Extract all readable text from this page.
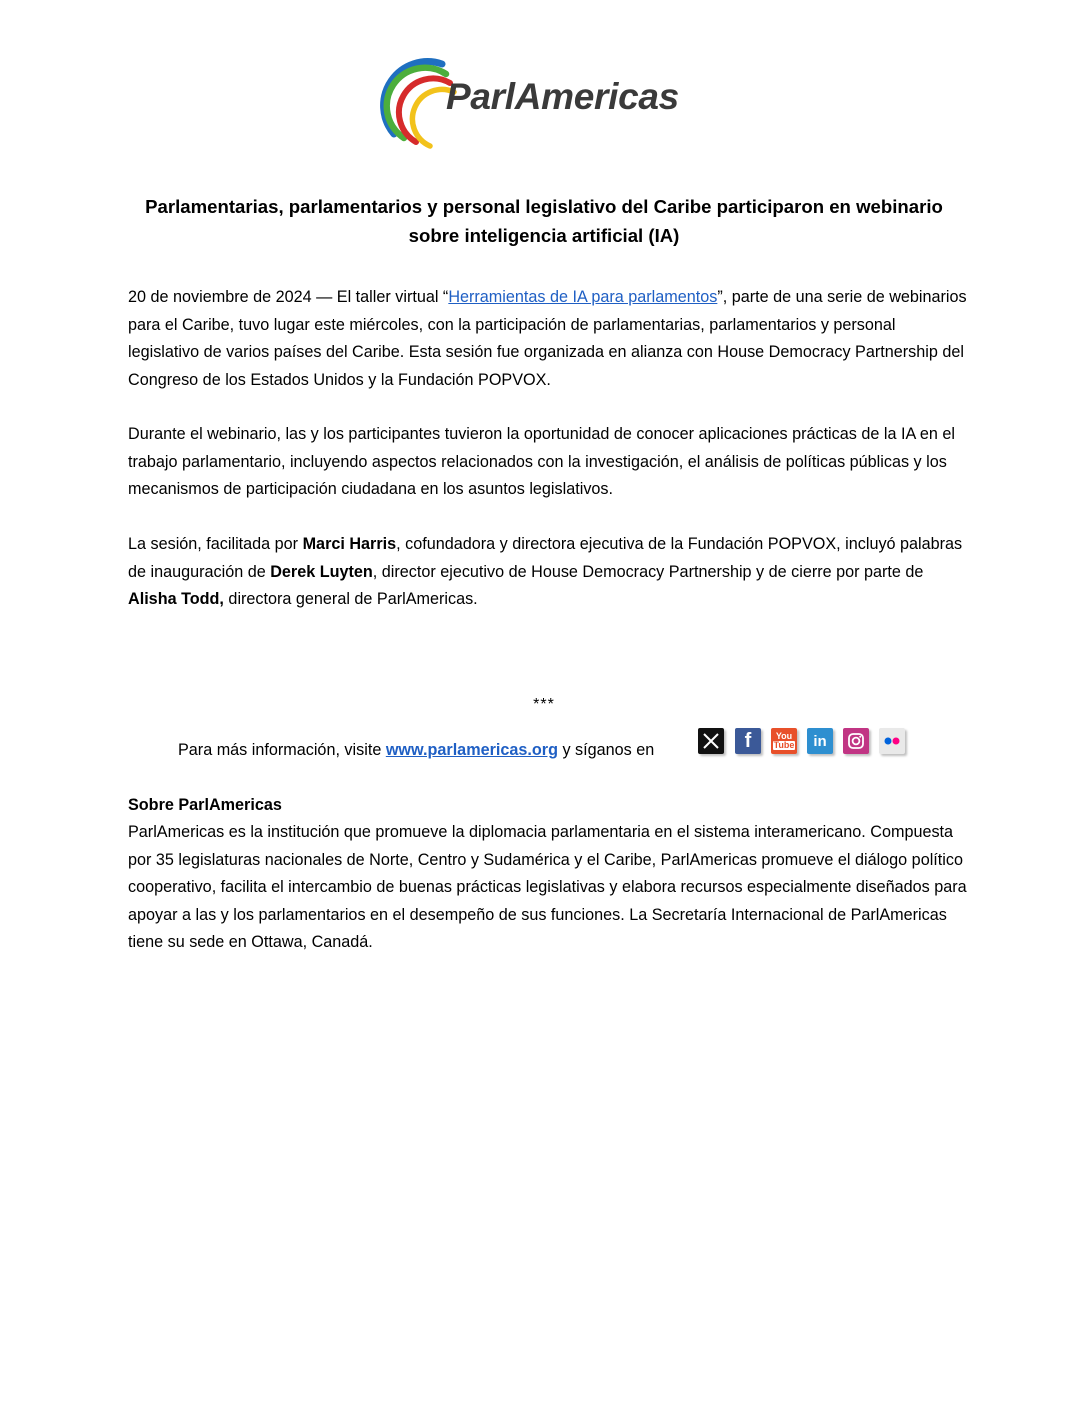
ParlAmericas
Parlamentarias, parlamentarios y personal legislativo del Caribe participaron en webinario sobre inteligencia artificial (IA)
20 de noviembre de 2024 — El taller virtual “Herramientas de IA para parlamentos”, parte de una serie de webinarios para el Caribe, tuvo lugar este miércoles, con la participación de parlamentarias, parlamentarios y personal legislativo de varios países del Caribe. Esta sesión fue organizada en alianza con House Democracy Partnership del Congreso de los Estados Unidos y la Fundación POPVOX.
Durante el webinario, las y los participantes tuvieron la oportunidad de conocer aplicaciones prácticas de la IA en el trabajo parlamentario, incluyendo aspectos relacionados con la investigación, el análisis de políticas públicas y los mecanismos de participación ciudadana en los asuntos legislativos.
La sesión, facilitada por Marci Harris, cofundadora y directora ejecutiva de la Fundación POPVOX, incluyó palabras de inauguración de Derek Luyten, director ejecutivo de House Democracy Partnership y de cierre por parte de Alisha Todd, directora general de ParlAmericas.
***
Para más información, visite www.parlamericas.org y síganos en	f	You
Tube	in
Sobre ParlAmericas
ParlAmericas es la institución que promueve la diplomacia parlamentaria en el sistema interamericano. Compuesta por 35 legislaturas nacionales de Norte, Centro y Sudamérica y el Caribe, ParlAmericas promueve el diálogo político cooperativo, facilita el intercambio de buenas prácticas legislativas y elabora recursos especialmente diseñados para apoyar a las y los parlamentarios en el desempeño de sus funciones. La Secretaría Internacional de ParlAmericas tiene su sede en Ottawa, Canadá.
